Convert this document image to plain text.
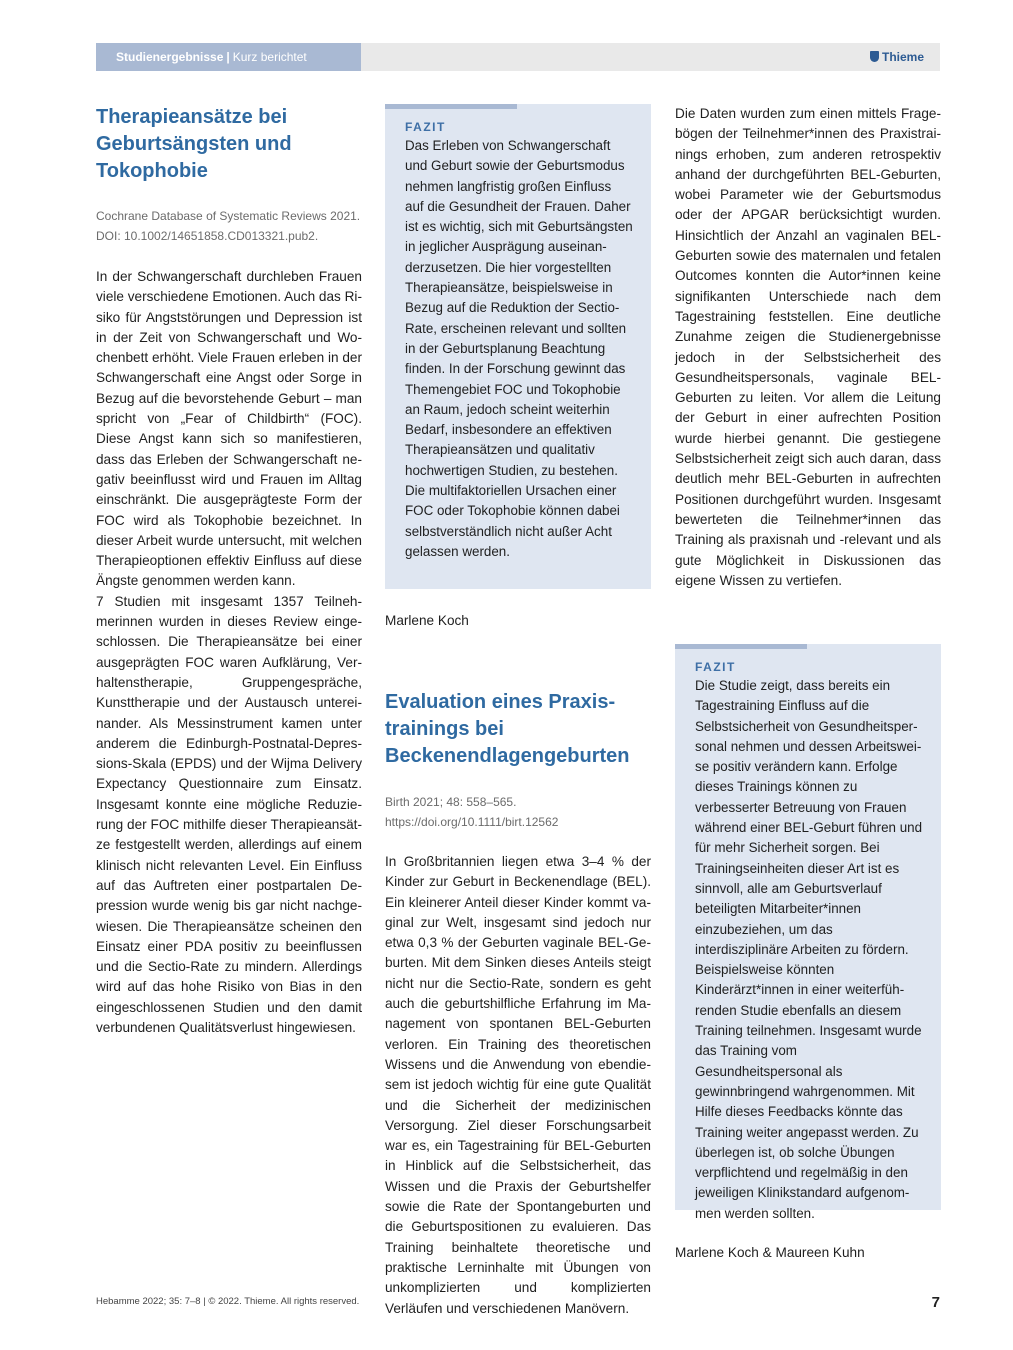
Studienergebnisse | Kurz berichtet	Thieme
Therapieansätze bei Geburtsängsten und Tokophobie
Cochrane Database of Systematic Reviews 2021. DOI: 10.1002/14651858.CD013321.pub2.

In der Schwangerschaft durchleben Frauen viele verschiedene Emotionen. Auch das Risiko für Angststörungen und Depression ist in der Zeit von Schwangerschaft und Wochenbett erhöht. Viele Frauen erleben in der Schwangerschaft eine Angst oder Sorge in Bezug auf die bevorstehende Geburt – man spricht von „Fear of Childbirth“ (FOC). Diese Angst kann sich so manifestieren, dass das Erleben der Schwangerschaft negativ beeinflusst wird und Frauen im Alltag einschränkt. Die ausgeprägteste Form der FOC wird als Tokophobie bezeichnet. In dieser Arbeit wurde untersucht, mit welchen Therapieoptionen effektiv Einfluss auf diese Ängste genommen werden kann.

7 Studien mit insgesamt 1357 Teilnehmerinnen wurden in dieses Review eingeschlossen. Die Therapieansätze bei einer ausgeprägten FOC waren Aufklärung, Verhaltenstherapie, Gruppengespräche, Kunsttherapie und der Austausch untereinander. Als Messinstrument kamen unter anderem die Edinburgh-Postnatal-Depressions-Skala (EPDS) und der Wijma Delivery Expectancy Questionnaire zum Einsatz. Insgesamt konnte eine mögliche Reduzierung der FOC mithilfe dieser Therapieansätze festgestellt werden, allerdings auf einem klinisch nicht relevanten Level. Ein Einfluss auf das Auftreten einer postpartalen Depression wurde wenig bis gar nicht nachgewiesen. Die Therapieansätze scheinen den Einsatz einer PDA positiv zu beeinflussen und die Sectio-Rate zu mindern. Allerdings wird auf das hohe Risiko von Bias in den eingeschlossenen Studien und den damit verbundenen Qualitätsverlust hingewiesen.

FAZIT
Das Erleben von Schwangerschaft und Geburt sowie der Geburtsmodus nehmen langfristig großen Einfluss auf die Gesundheit der Frauen. Daher ist es wichtig, sich mit Geburtsängsten in jeglicher Ausprägung auseinanderzusetzen. Die hier vorgestellten Therapieansätze, beispielsweise in Bezug auf die Reduktion der Sectio-Rate, erscheinen relevant und sollten in der Geburtsplanung Beachtung finden. In der Forschung gewinnt das Themengebiet FOC und Tokophobie an Raum, jedoch scheint weiterhin Bedarf, insbesondere an effektiven Therapieansätzen und qualitativ hochwertigen Studien, zu bestehen. Die multifaktoriellen Ursachen einer FOC oder Tokophobie können dabei selbstverständlich nicht außer Acht gelassen werden.
Marlene Koch
Evaluation eines Praxistrainings bei Beckenendlagengeburten
Birth 2021; 48: 558–565. https://doi.org/10.1111/birt.12562

In Großbritannien liegen etwa 3–4 % der Kinder zur Geburt in Beckenendlage (BEL). Ein kleinerer Anteil dieser Kinder kommt vaginal zur Welt, insgesamt sind jedoch nur etwa 0,3 % der Geburten vaginale BEL-Geburten. Mit dem Sinken dieses Anteils steigt nicht nur die Sectio-Rate, sondern es geht auch die geburtshilfliche Erfahrung im Management von spontanen BEL-Geburten verloren. Ein Training des theoretischen Wissens und die Anwendung von ebendiesem ist jedoch wichtig für eine gute Qualität und die Sicherheit der medizinischen Versorgung. Ziel dieser Forschungsarbeit war es, ein Tagestraining für BEL-Geburten in Hinblick auf die Selbstsicherheit, das Wissen und die Praxis der Geburtshelfer sowie die Rate der Spontangeburten und die Geburtspositionen zu evaluieren. Das Training beinhaltete theoretische und praktische Lerninhalte mit Übungen von unkomplizierten und komplizierten Verläufen und verschiedenen Manövern.

Die Daten wurden zum einen mittels Fragebögen der Teilnehmer*innen des Praxistrainings erhoben, zum anderen retrospektiv anhand der durchgeführten BEL-Geburten, wobei Parameter wie der Geburtsmodus oder der APGAR berücksichtigt wurden. Hinsichtlich der Anzahl an vaginalen BEL-Geburten sowie des maternalen und fetalen Outcomes konnten die Autor*innen keine signifikanten Unterschiede nach dem Tagestraining feststellen. Eine deutliche Zunahme zeigen die Studienergebnisse jedoch in der Selbstsicherheit des Gesundheitspersonals, vaginale BEL-Geburten zu leiten. Vor allem die Leitung der Geburt in einer aufrechten Position wurde hierbei genannt. Die gestiegene Selbstsicherheit zeigt sich auch daran, dass deutlich mehr BEL-Geburten in aufrechten Positionen durchgeführt wurden. Insgesamt bewerteten die Teilnehmer*innen das Training als praxisnah und -relevant und als gute Möglichkeit in Diskussionen das eigene Wissen zu vertiefen.

FAZIT
Die Studie zeigt, dass bereits ein Tagestraining Einfluss auf die Selbstsicherheit von Gesundheitspersonal nehmen und dessen Arbeitsweise positiv verändern kann. Erfolge dieses Trainings können zu verbesserter Betreuung von Frauen während einer BEL-Geburt führen und für mehr Sicherheit sorgen. Bei Trainingseinheiten dieser Art ist es sinnvoll, alle am Geburtsverlauf beteiligten Mitarbeiter*innen einzubeziehen, um das interdisziplinäre Arbeiten zu fördern. Beispielsweise könnten Kinderärzt*innen in einer weiterführenden Studie ebenfalls an diesem Training teilnehmen. Insgesamt wurde das Training vom Gesundheitspersonal als gewinnbringend wahrgenommen. Mit Hilfe dieses Feedbacks könnte das Training weiter angepasst werden. Zu überlegen ist, ob solche Übungen verpflichtend und regelmäßig in den jeweiligen Klinikstandard aufgenommen werden sollten.
Marlene Koch & Maureen Kuhn
Hebamme 2022; 35: 7–8 | © 2022. Thieme. All rights reserved.	7
